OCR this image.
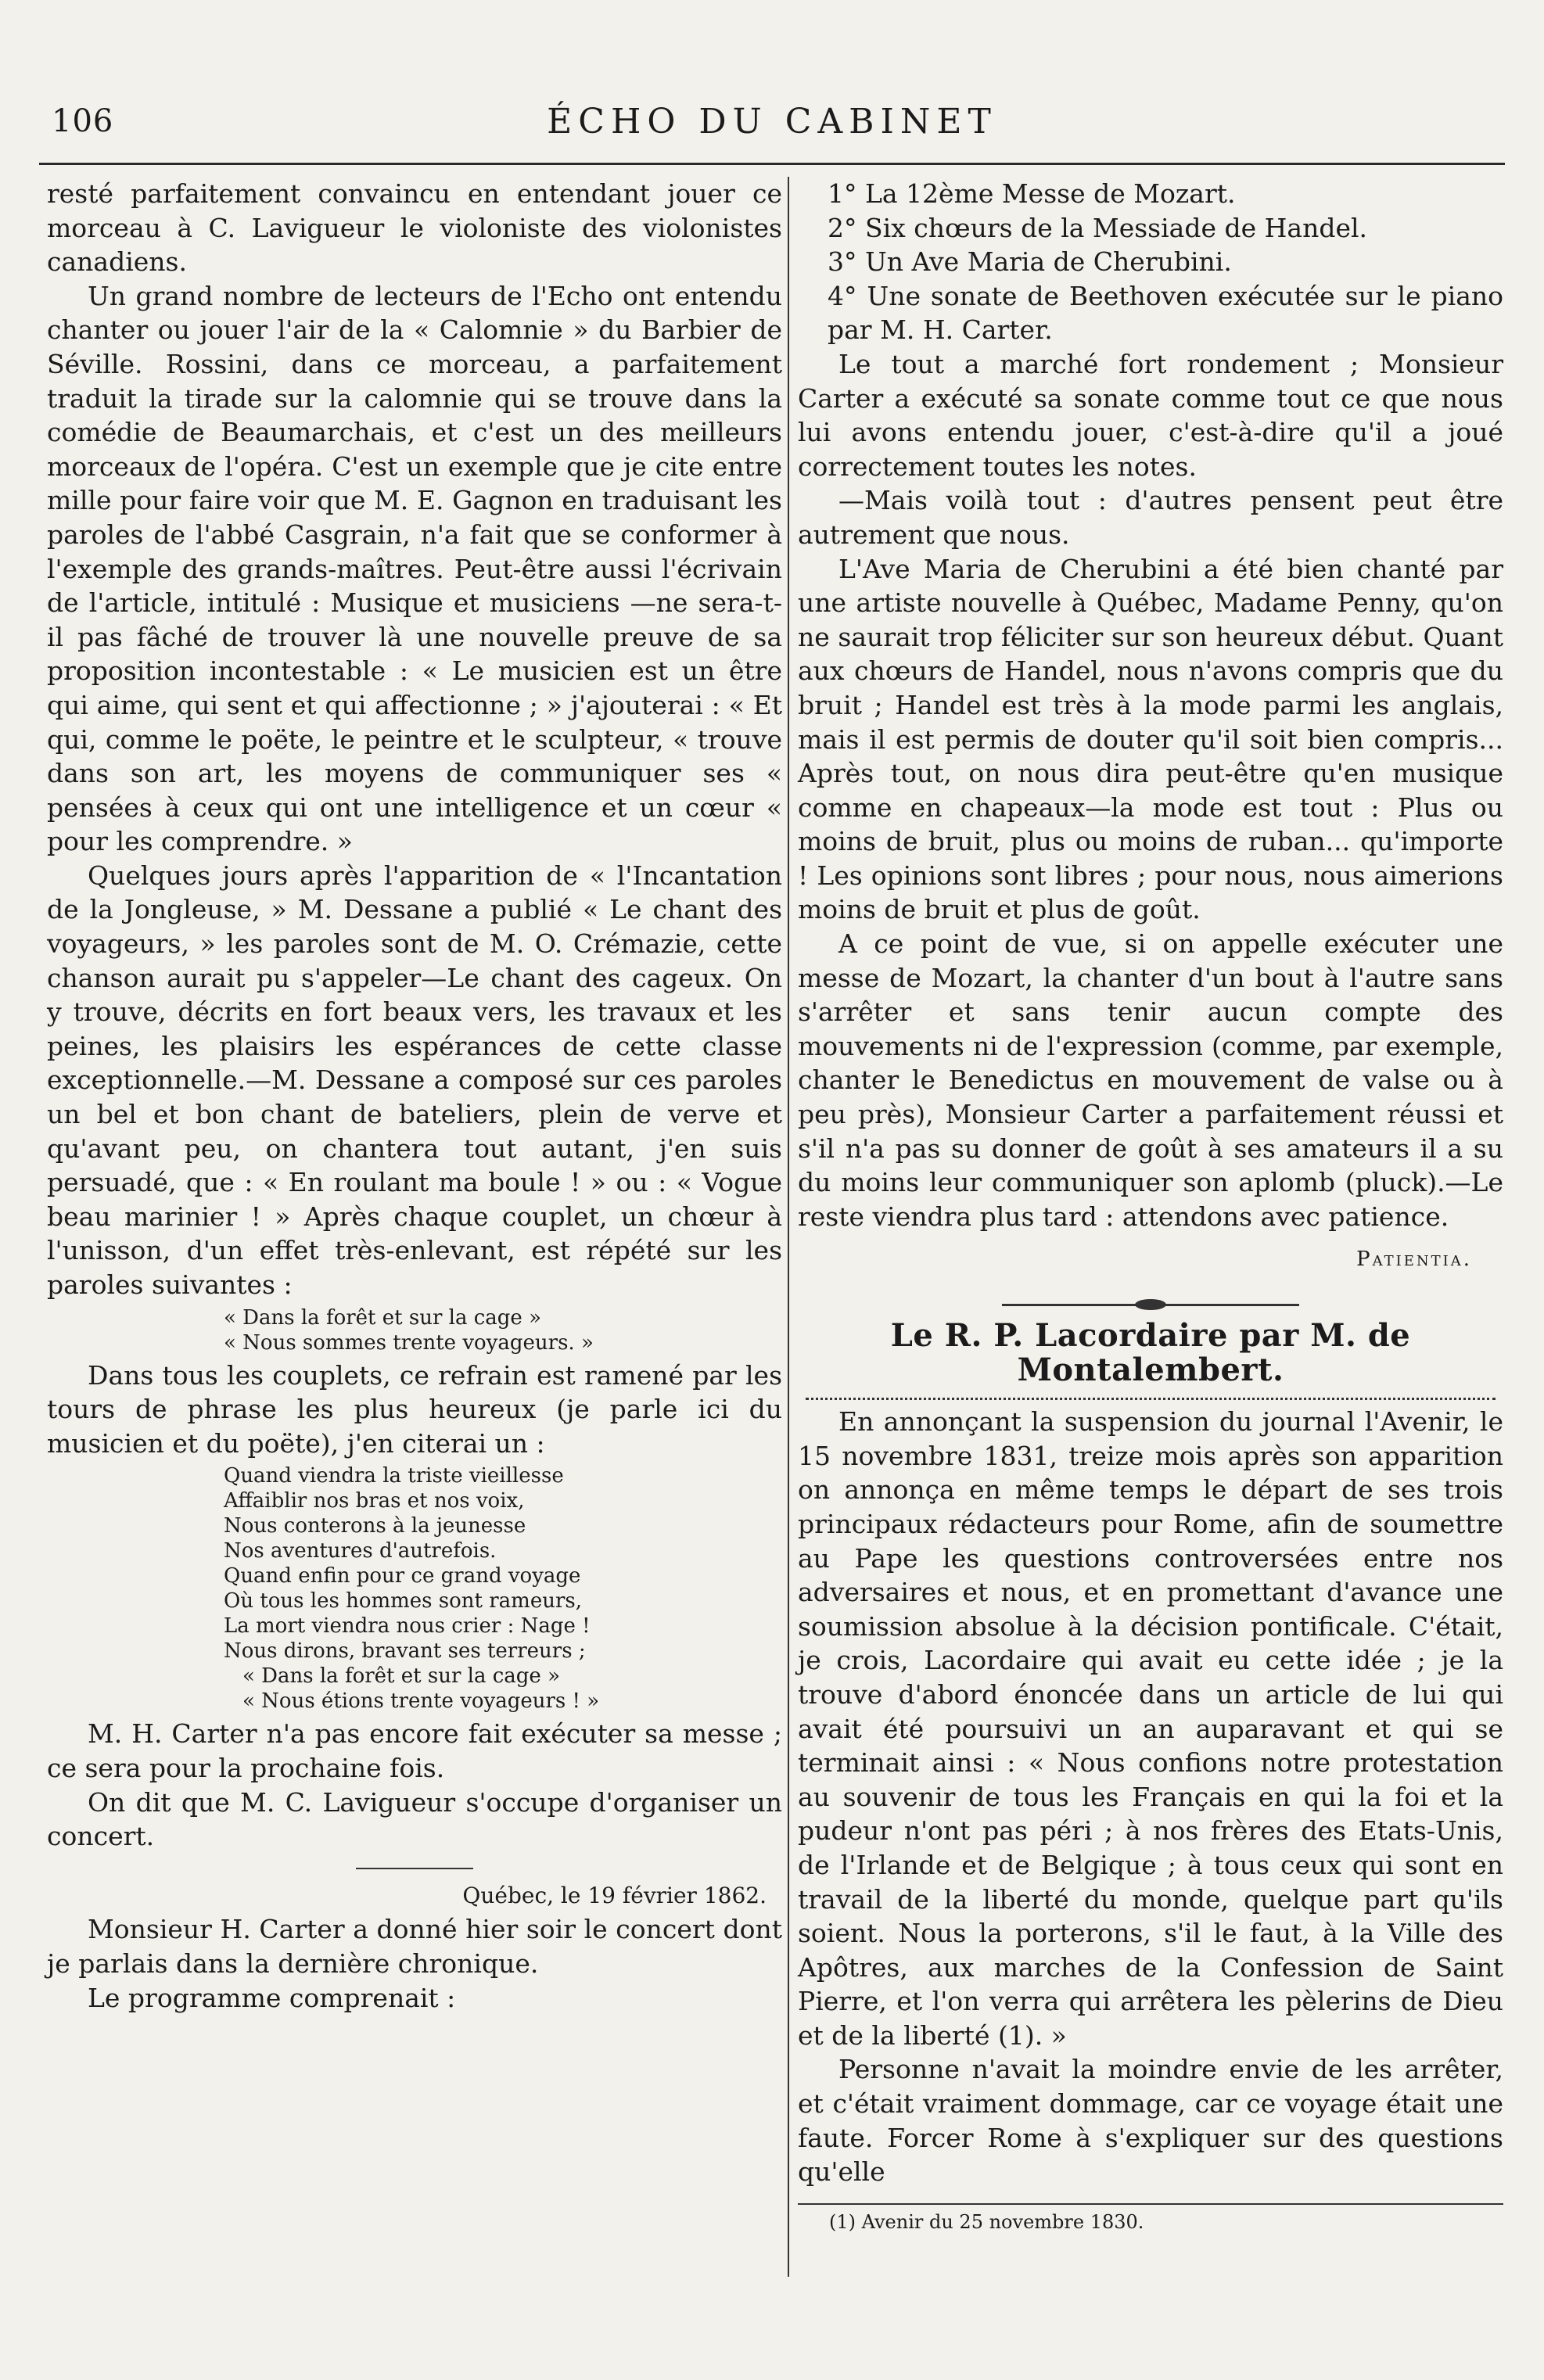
106	ÉCHO DU CABINET

resté parfaitement convaincu en entendant jouer ce morceau à C. Lavigueur le violoniste des violonistes canadiens.

Un grand nombre de lecteurs de l'Echo ont entendu chanter ou jouer l'air de la « Calomnie » du Barbier de Séville. Rossini, dans ce morceau, a parfaitement traduit la tirade sur la calomnie qui se trouve dans la comédie de Beaumarchais, et c'est un des meilleurs morceaux de l'opéra. C'est un exemple que je cite entre mille pour faire voir que M. E. Gagnon en traduisant les paroles de l'abbé Casgrain, n'a fait que se conformer à l'exemple des grands-maîtres. Peut-être aussi l'écrivain de l'article, intitulé : Musique et musiciens —ne sera-t-il pas fâché de trouver là une nouvelle preuve de sa proposition incontestable : « Le musicien est un être qui aime, qui sent et qui affectionne ; » j'ajouterai : « Et qui, comme le poëte, le peintre et le sculpteur, « trouve dans son art, les moyens de communiquer ses « pensées à ceux qui ont une intelligence et un cœur « pour les comprendre. »

Quelques jours après l'apparition de « l'Incantation de la Jongleuse, » M. Dessane a publié « Le chant des voyageurs, » les paroles sont de M. O. Crémazie, cette chanson aurait pu s'appeler—Le chant des cageux. On y trouve, décrits en fort beaux vers, les travaux et les peines, les plaisirs les espérances de cette classe exceptionnelle.—M. Dessane a composé sur ces paroles un bel et bon chant de bateliers, plein de verve et qu'avant peu, on chantera tout autant, j'en suis persuadé, que : « En roulant ma boule ! » ou : « Vogue beau marinier ! » Après chaque couplet, un chœur à l'unisson, d'un effet très-enlevant, est répété sur les paroles suivantes :

« Dans la forêt et sur la cage »
« Nous sommes trente voyageurs. »

Dans tous les couplets, ce refrain est ramené par les tours de phrase les plus heureux (je parle ici du musicien et du poëte), j'en citerai un :

Quand viendra la triste vieillesse
Affaiblir nos bras et nos voix,
Nous conterons à la jeunesse
Nos aventures d'autrefois.
Quand enfin pour ce grand voyage
Où tous les hommes sont rameurs,
La mort viendra nous crier : Nage !
Nous dirons, bravant ses terreurs ;
« Dans la forêt et sur la cage »
« Nous étions trente voyageurs ! »

M. H. Carter n'a pas encore fait exécuter sa messe ; ce sera pour la prochaine fois.

On dit que M. C. Lavigueur s'occupe d'organiser un concert.

Québec, le 19 février 1862.

Monsieur H. Carter a donné hier soir le concert dont je parlais dans la dernière chronique.

Le programme comprenait :

1° La 12ème Messe de Mozart.

2° Six chœurs de la Messiade de Handel.

3° Un Ave Maria de Cherubini.

4° Une sonate de Beethoven exécutée sur le piano par M. H. Carter.

Le tout a marché fort rondement ; Monsieur Carter a exécuté sa sonate comme tout ce que nous lui avons entendu jouer, c'est-à-dire qu'il a joué correctement toutes les notes.

—Mais voilà tout : d'autres pensent peut être autrement que nous.

L'Ave Maria de Cherubini a été bien chanté par une artiste nouvelle à Québec, Madame Penny, qu'on ne saurait trop féliciter sur son heureux début. Quant aux chœurs de Handel, nous n'avons compris que du bruit ; Handel est très à la mode parmi les anglais, mais il est permis de douter qu'il soit bien compris... Après tout, on nous dira peut-être qu'en musique comme en chapeaux—la mode est tout : Plus ou moins de bruit, plus ou moins de ruban... qu'importe ! Les opinions sont libres ; pour nous, nous aimerions moins de bruit et plus de goût.

A ce point de vue, si on appelle exécuter une messe de Mozart, la chanter d'un bout à l'autre sans s'arrêter et sans tenir aucun compte des mouvements ni de l'expression (comme, par exemple, chanter le Benedictus en mouvement de valse ou à peu près), Monsieur Carter a parfaitement réussi et s'il n'a pas su donner de goût à ses amateurs il a su du moins leur communiquer son aplomb (pluck).—Le reste viendra plus tard : attendons avec patience.

Patientia.
Le R. P. Lacordaire par M. de Montalembert.

En annonçant la suspension du journal l'Avenir, le 15 novembre 1831, treize mois après son apparition on annonça en même temps le départ de ses trois principaux rédacteurs pour Rome, afin de soumettre au Pape les questions controversées entre nos adversaires et nous, et en promettant d'avance une soumission absolue à la décision pontificale. C'était, je crois, Lacordaire qui avait eu cette idée ; je la trouve d'abord énoncée dans un article de lui qui avait été poursuivi un an auparavant et qui se terminait ainsi : « Nous confions notre protestation au souvenir de tous les Français en qui la foi et la pudeur n'ont pas péri ; à nos frères des Etats-Unis, de l'Irlande et de Belgique ; à tous ceux qui sont en travail de la liberté du monde, quelque part qu'ils soient. Nous la porterons, s'il le faut, à la Ville des Apôtres, aux marches de la Confession de Saint Pierre, et l'on verra qui arrêtera les pèlerins de Dieu et de la liberté (1). »

Personne n'avait la moindre envie de les arrêter, et c'était vraiment dommage, car ce voyage était une faute. Forcer Rome à s'expliquer sur des questions qu'elle

(1) Avenir du 25 novembre 1830.
